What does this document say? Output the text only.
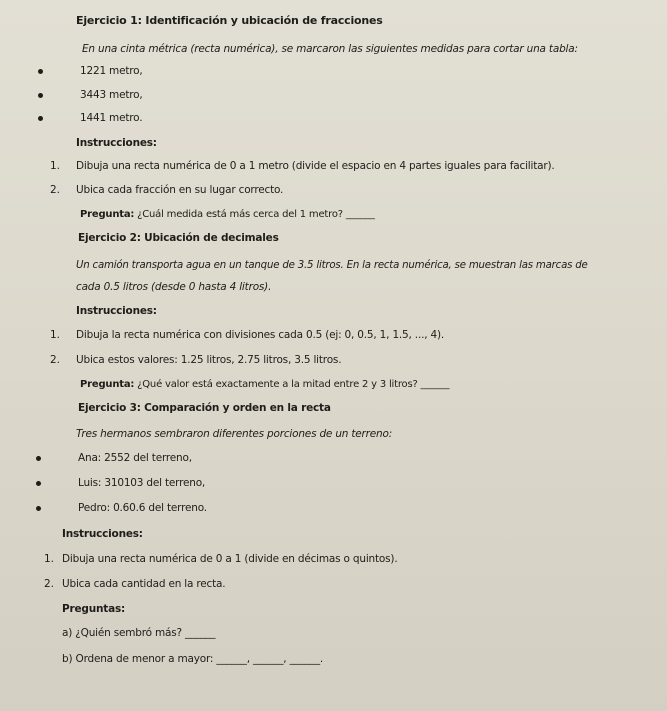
Ejercicio 1: Identificación y ubicación de fracciones
En una cinta métrica (recta numérica), se marcaron las siguientes medidas para cortar una tabla:
1221 metro,
3443 metro,
1441 metro.
Instrucciones:
1. Dibuja una recta numérica de 0 a 1 metro (divide el espacio en 4 partes iguales para facilitar).
2. Ubica cada fracción en su lugar correcto.
Pregunta: ¿Cuál medida está más cerca del 1 metro? ______
Ejercicio 2: Ubicación de decimales
Un camión transporta agua en un tanque de 3.5 litros. En la recta numérica, se muestran las marcas de
cada 0.5 litros (desde 0 hasta 4 litros).
Instrucciones:
1. Dibuja la recta numérica con divisiones cada 0.5 (ej: 0, 0.5, 1, 1.5, ..., 4).
2. Ubica estos valores: 1.25 litros, 2.75 litros, 3.5 litros.
Pregunta: ¿Qué valor está exactamente a la mitad entre 2 y 3 litros? ______
Ejercicio 3: Comparación y orden en la recta
Tres hermanos sembraron diferentes porciones de un terreno:
Ana: 2552 del terreno,
Luis: 310103 del terreno,
Pedro: 0.60.6 del terreno.
Instrucciones:
1. Dibuja una recta numérica de 0 a 1 (divide en décimas o quintos).
2. Ubica cada cantidad en la recta.
Preguntas:
a) ¿Quién sembró más? ______
b) Ordena de menor a mayor: ______, ______, ______.
